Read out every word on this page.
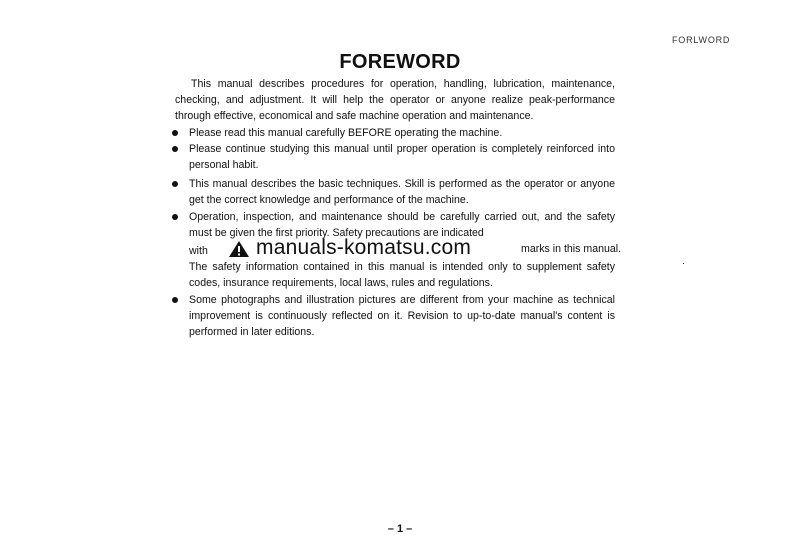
FORLWORD
FOREWORD

This manual describes procedures for operation, handling, lubrication, maintenance, checking, and adjustment. It will help the operator or anyone realize peak-performance through effective, economical and safe machine operation and maintenance.

Please read this manual carefully BEFORE operating the machine.
Please continue studying this manual until proper operation is completely reinforced into personal habit.
This manual describes the basic techniques. Skill is performed as the operator or anyone get the correct knowledge and performance of the machine.
Operation, inspection, and maintenance should be carefully carried out, and the safety must be given the first priority. Safety precautions are indicated
with manuals-komatsu.com	marks in this manual.
The safety information contained in this manual is intended only to supplement safety codes, insurance requirements, local laws, rules and regulations.
Some photographs and illustration pictures are different from your machine as technical improvement is continuously reflected on it. Revision to up-to-date manual's content is performed in later editions.
– 1 –
